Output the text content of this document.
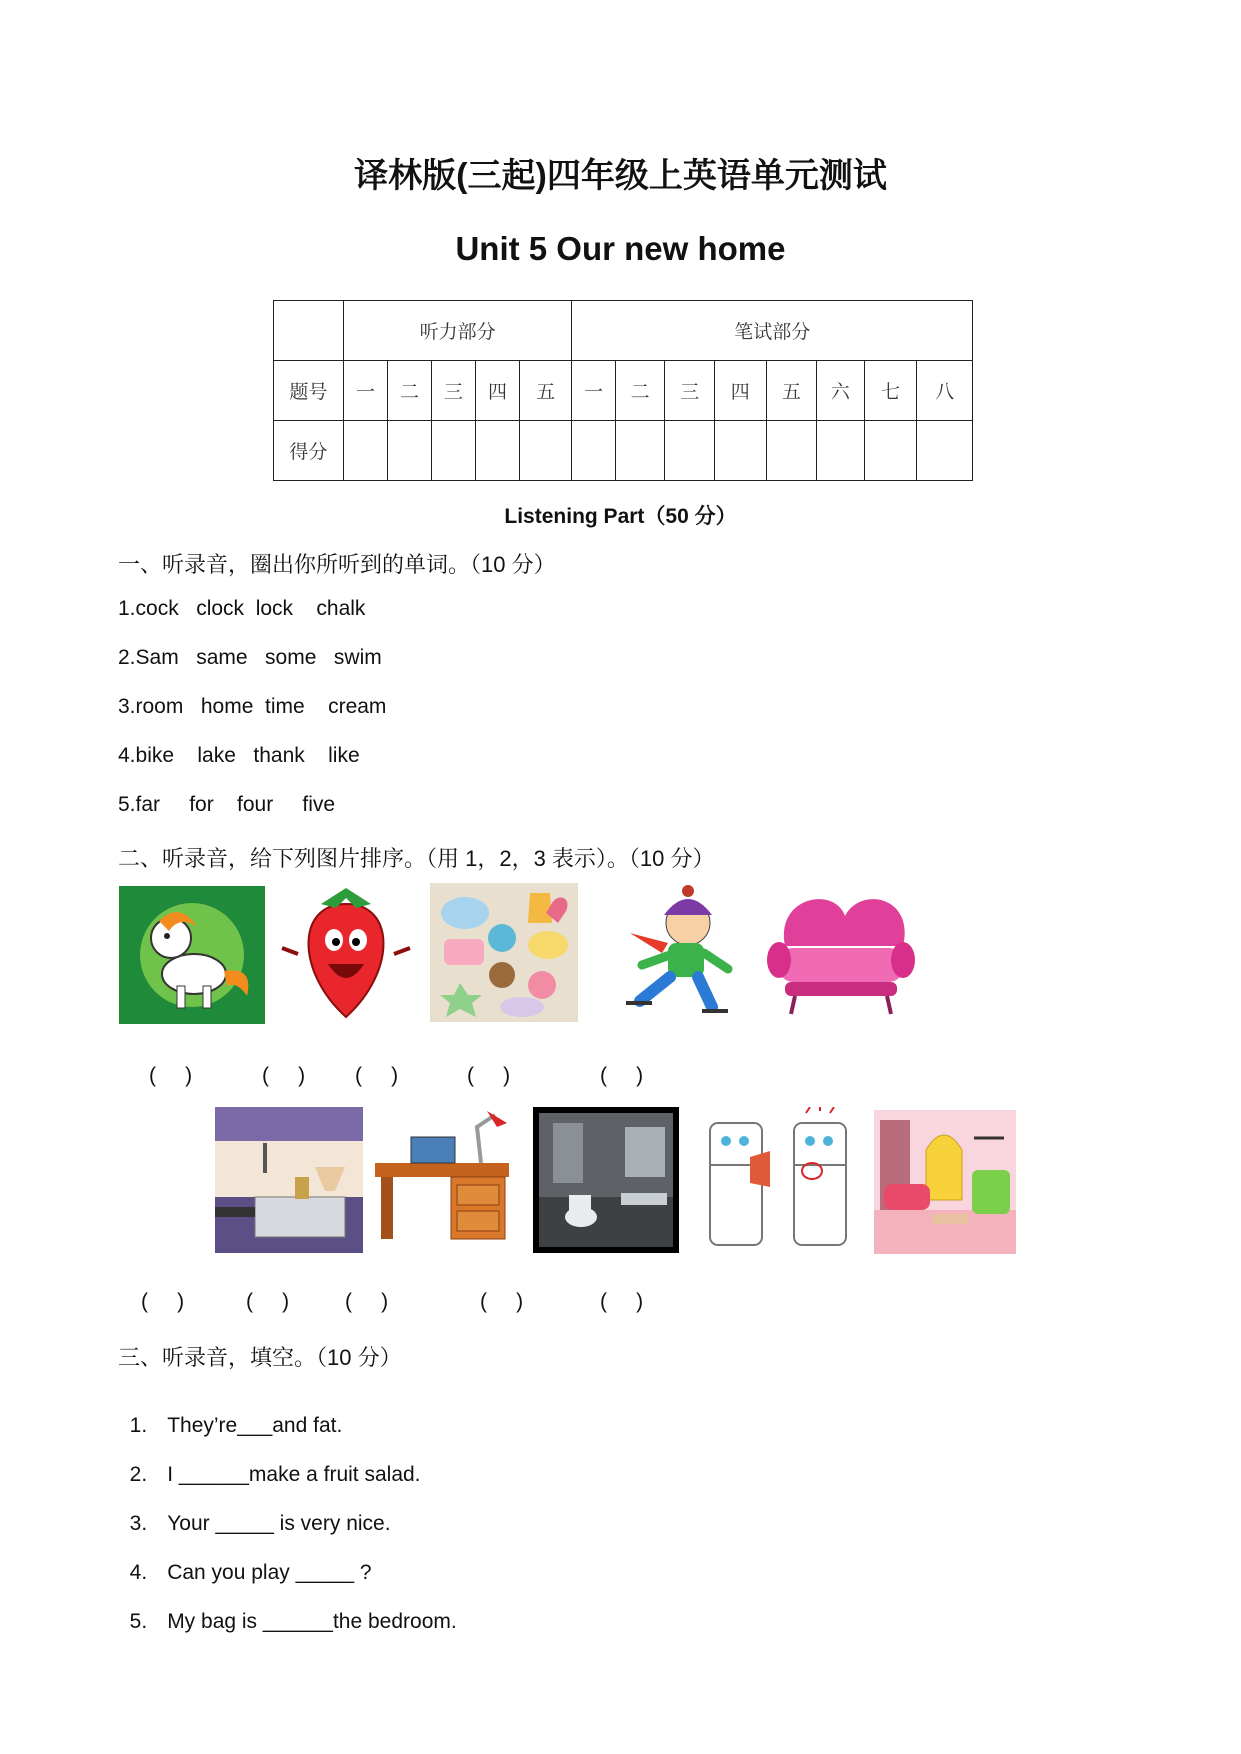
译林版(三起)四年级上英语单元测试
Unit 5 Our new home
	听力部分					笔试部分							
题号	一	二	三	四	五	一	二	三	四	五	六	七	八
得分													
Listening Part（50 分）
一、听录音，圈出你所听到的单词。（10 分）
1.cock   clock  lock    chalk
2.Sam   same   some   swim
3.room   home  time    cream
4.bike    lake   thank    like
5.far     for    four     five
二、听录音，给下列图片排序。（用 1，2，3 表示）。（10 分）
(     )	(     ) (     )	(     )	(     )
(     )	(     )	(     )	(     )	(     )
三、听录音，填空。（10 分）

1. They’re___and fat.

2. I ______make a fruit salad.

3. Your _____ is very nice.

4. Can you play _____ ?

5. My bag is ______the bedroom.
